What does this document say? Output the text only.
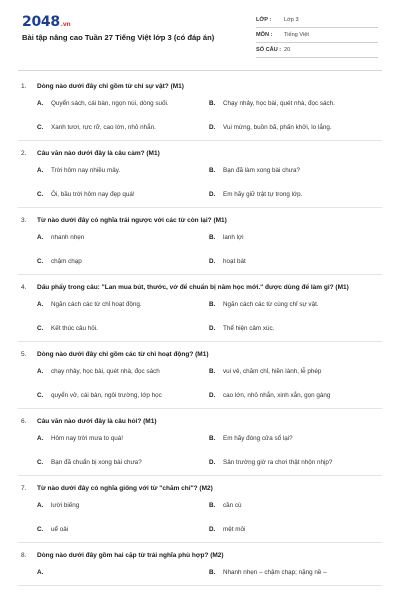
2048.vn
Bài tập nâng cao Tuần 27 Tiếng Việt lớp 3 (có đáp án)
LỚP :	Lớp 3
MÔN :	Tiếng Việt
SỐ CÂU : 20
1.	Dòng nào dưới đây chỉ gồm từ chỉ sự vật? (M1)
A.	Quyển sách, cái bàn, ngọn núi, dòng suối.	B.	Chạy nhảy, học bài, quét nhà, đọc sách.
C.	Xanh tươi, rực rỡ, cao lớn, nhỏ nhắn.	D.	Vui mừng, buồn bã, phấn khởi, lo lắng.
2.	Câu văn nào dưới đây là câu cảm? (M1)
A.	Trời hôm nay nhiều mây.	B.	Bạn đã làm xong bài chưa?
C.	Ôi, bầu trời hôm nay đẹp quá!	D.	Em hãy giữ trật tự trong lớp.
3.	Từ nào dưới đây có nghĩa trái ngược với các từ còn lại? (M1)
A.	nhanh nhẹn	B.	lanh lợi
C.	chậm chạp	D.	hoạt bát
4.	Dấu phẩy trong câu: "Lan mua bút, thước, vở để chuẩn bị năm học mới." được dùng để làm gì? (M1)
A.	Ngăn cách các từ chỉ hoạt động.	B.	Ngăn cách các từ cùng chỉ sự vật.
C.	Kết thúc câu hỏi.	D.	Thể hiện cảm xúc.
5.	Dòng nào dưới đây chỉ gồm các từ chỉ hoạt động? (M1)
A.	chạy nhảy, học bài, quét nhà, đọc sách	B.	vui vẻ, chăm chỉ, hiền lành, lễ phép
C.	quyển vở, cái bàn, ngôi trường, lớp học	D.	cao lớn, nhỏ nhắn, xinh xắn, gọn gàng
6.	Câu văn nào dưới đây là câu hỏi? (M1)
A.	Hôm nay trời mưa to quá!	B.	Em hãy đóng cửa sổ lại?
C.	Bạn đã chuẩn bị xong bài chưa?	D.	Sân trường giờ ra chơi thật nhộn nhịp?
7.	Từ nào dưới đây có nghĩa giống với từ "chăm chỉ"? (M2)
A.	lười biếng	B.	cần cù
C.	uể oải	D.	mệt mỏi
8.	Dòng nào dưới đây gồm hai cặp từ trái nghĩa phù hợp? (M2)
A.	B.	Nhanh nhẹn – chậm chạp; nặng nề –
